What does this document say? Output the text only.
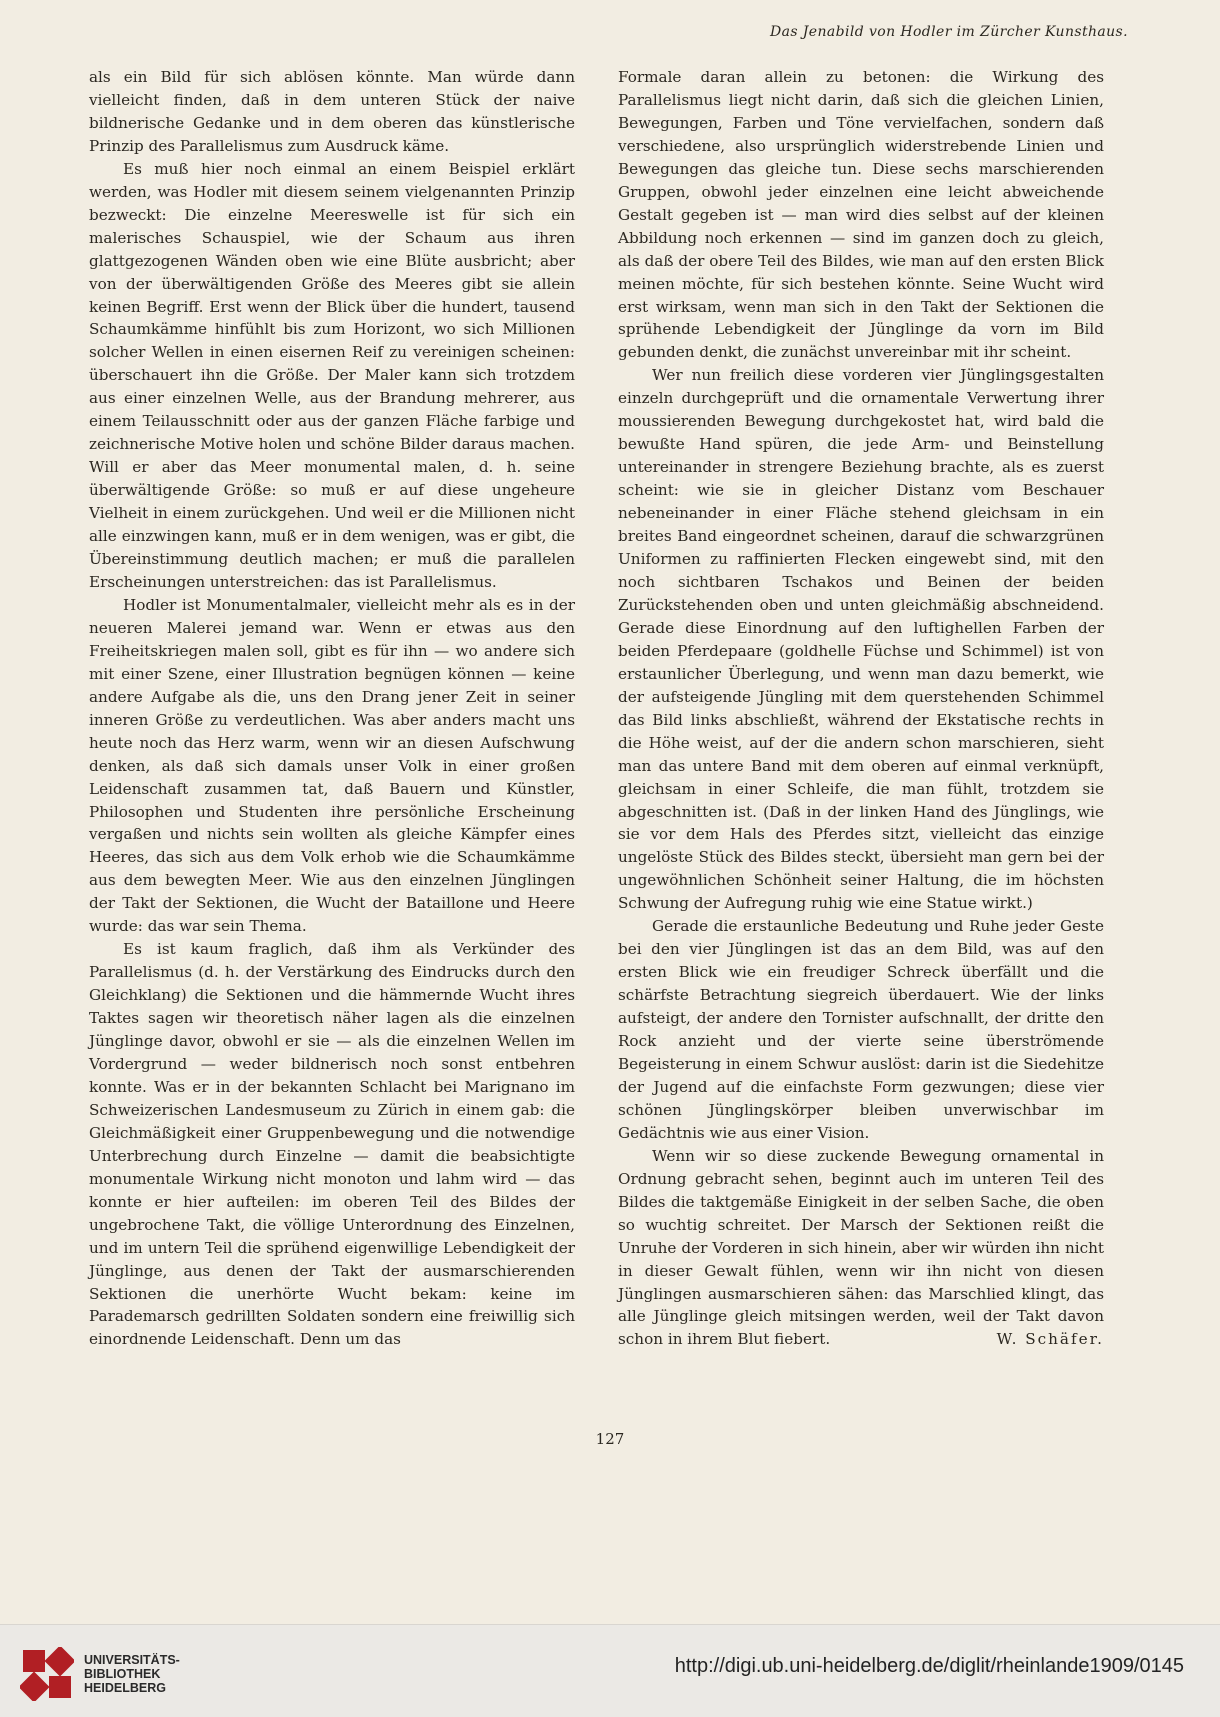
Das Jenabild von Hodler im Zürcher Kunsthaus.

als ein Bild für sich ablösen könnte. Man würde dann vielleicht finden, daß in dem unteren Stück der naive bildnerische Gedanke und in dem oberen das künstlerische Prinzip des Parallelismus zum Ausdruck käme.

Es muß hier noch einmal an einem Beispiel erklärt werden, was Hodler mit diesem seinem vielgenannten Prinzip bezweckt: Die einzelne Meereswelle ist für sich ein malerisches Schauspiel, wie der Schaum aus ihren glattgezogenen Wänden oben wie eine Blüte ausbricht; aber von der überwältigenden Größe des Meeres gibt sie allein keinen Begriff. Erst wenn der Blick über die hundert, tausend Schaumkämme hinfühlt bis zum Horizont, wo sich Millionen solcher Wellen in einen eisernen Reif zu vereinigen scheinen: überschauert ihn die Größe. Der Maler kann sich trotzdem aus einer einzelnen Welle, aus der Brandung mehrerer, aus einem Teilausschnitt oder aus der ganzen Fläche farbige und zeichnerische Motive holen und schöne Bilder daraus machen. Will er aber das Meer monumental malen, d. h. seine überwältigende Größe: so muß er auf diese ungeheure Vielheit in einem zurückgehen. Und weil er die Millionen nicht alle einzwingen kann, muß er in dem wenigen, was er gibt, die Übereinstimmung deutlich machen; er muß die parallelen Erscheinungen unterstreichen: das ist Parallelismus.

Hodler ist Monumentalmaler, vielleicht mehr als es in der neueren Malerei jemand war. Wenn er etwas aus den Freiheitskriegen malen soll, gibt es für ihn — wo andere sich mit einer Szene, einer Illustration begnügen können — keine andere Aufgabe als die, uns den Drang jener Zeit in seiner inneren Größe zu verdeutlichen. Was aber anders macht uns heute noch das Herz warm, wenn wir an diesen Aufschwung denken, als daß sich damals unser Volk in einer großen Leidenschaft zusammen tat, daß Bauern und Künstler, Philosophen und Studenten ihre persönliche Erscheinung vergaßen und nichts sein wollten als gleiche Kämpfer eines Heeres, das sich aus dem Volk erhob wie die Schaumkämme aus dem bewegten Meer. Wie aus den einzelnen Jünglingen der Takt der Sektionen, die Wucht der Bataillone und Heere wurde: das war sein Thema.

Es ist kaum fraglich, daß ihm als Verkünder des Parallelismus (d. h. der Verstärkung des Eindrucks durch den Gleichklang) die Sektionen und die hämmernde Wucht ihres Taktes sagen wir theoretisch näher lagen als die einzelnen Jünglinge davor, obwohl er sie — als die einzelnen Wellen im Vordergrund — weder bildnerisch noch sonst entbehren konnte. Was er in der bekannten Schlacht bei Marignano im Schweizerischen Landesmuseum zu Zürich in einem gab: die Gleichmäßigkeit einer Gruppenbewegung und die notwendige Unterbrechung durch Einzelne — damit die beabsichtigte monumentale Wirkung nicht monoton und lahm wird — das konnte er hier aufteilen: im oberen Teil des Bildes der ungebrochene Takt, die völlige Unterordnung des Einzelnen, und im untern Teil die sprühend eigenwillige Lebendigkeit der Jünglinge, aus denen der Takt der ausmarschierenden Sektionen die unerhörte Wucht bekam: keine im Parademarsch gedrillten Soldaten sondern eine freiwillig sich einordnende Leidenschaft. Denn um das

Formale daran allein zu betonen: die Wirkung des Parallelismus liegt nicht darin, daß sich die gleichen Linien, Bewegungen, Farben und Töne vervielfachen, sondern daß verschiedene, also ursprünglich widerstrebende Linien und Bewegungen das gleiche tun. Diese sechs marschierenden Gruppen, obwohl jeder einzelnen eine leicht abweichende Gestalt gegeben ist — man wird dies selbst auf der kleinen Abbildung noch erkennen — sind im ganzen doch zu gleich, als daß der obere Teil des Bildes, wie man auf den ersten Blick meinen möchte, für sich bestehen könnte. Seine Wucht wird erst wirksam, wenn man sich in den Takt der Sektionen die sprühende Lebendigkeit der Jünglinge da vorn im Bild gebunden denkt, die zunächst unvereinbar mit ihr scheint.

Wer nun freilich diese vorderen vier Jünglingsgestalten einzeln durchgeprüft und die ornamentale Verwertung ihrer moussierenden Bewegung durchgekostet hat, wird bald die bewußte Hand spüren, die jede Arm- und Beinstellung untereinander in strengere Beziehung brachte, als es zuerst scheint: wie sie in gleicher Distanz vom Beschauer nebeneinander in einer Fläche stehend gleichsam in ein breites Band eingeordnet scheinen, darauf die schwarzgrünen Uniformen zu raffinierten Flecken eingewebt sind, mit den noch sichtbaren Tschakos und Beinen der beiden Zurückstehenden oben und unten gleichmäßig abschneidend. Gerade diese Einordnung auf den luftighellen Farben der beiden Pferdepaare (goldhelle Füchse und Schimmel) ist von erstaunlicher Überlegung, und wenn man dazu bemerkt, wie der aufsteigende Jüngling mit dem querstehenden Schimmel das Bild links abschließt, während der Ekstatische rechts in die Höhe weist, auf der die andern schon marschieren, sieht man das untere Band mit dem oberen auf einmal verknüpft, gleichsam in einer Schleife, die man fühlt, trotzdem sie abgeschnitten ist. (Daß in der linken Hand des Jünglings, wie sie vor dem Hals des Pferdes sitzt, vielleicht das einzige ungelöste Stück des Bildes steckt, übersieht man gern bei der ungewöhnlichen Schönheit seiner Haltung, die im höchsten Schwung der Aufregung ruhig wie eine Statue wirkt.)

Gerade die erstaunliche Bedeutung und Ruhe jeder Geste bei den vier Jünglingen ist das an dem Bild, was auf den ersten Blick wie ein freudiger Schreck überfällt und die schärfste Betrachtung siegreich überdauert. Wie der links aufsteigt, der andere den Tornister aufschnallt, der dritte den Rock anzieht und der vierte seine überströmende Begeisterung in einem Schwur auslöst: darin ist die Siedehitze der Jugend auf die einfachste Form gezwungen; diese vier schönen Jünglingskörper bleiben unverwischbar im Gedächtnis wie aus einer Vision.

Wenn wir so diese zuckende Bewegung ornamental in Ordnung gebracht sehen, beginnt auch im unteren Teil des Bildes die taktgemäße Einigkeit in der selben Sache, die oben so wuchtig schreitet. Der Marsch der Sektionen reißt die Unruhe der Vorderen in sich hinein, aber wir würden ihn nicht in dieser Gewalt fühlen, wenn wir ihn nicht von diesen Jünglingen ausmarschieren sähen: das Marschlied klingt, das alle Jünglinge gleich mitsingen werden, weil der Takt davon schon in ihrem Blut fiebert.	W. Schäfer.

127
UNIVERSITÄTS-
BIBLIOTHEK
HEIDELBERG
http://digi.ub.uni-heidelberg.de/diglit/rheinlande1909/0145
